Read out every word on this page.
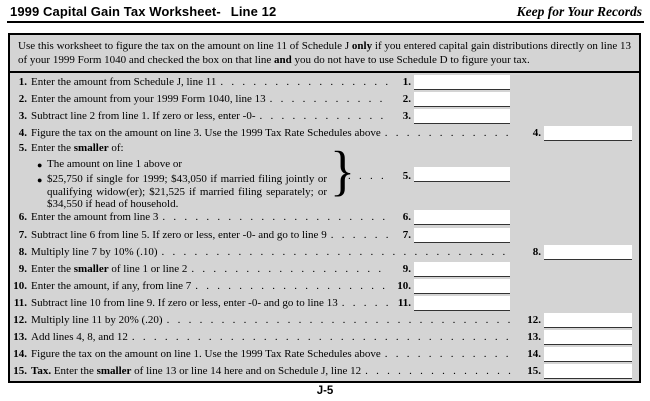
1999 Capital Gain Tax Worksheet- Line 12	Keep for Your Records

Use this worksheet to figure the tax on the amount on line 11 of Schedule J only if you entered capital gain distributions directly on line 13 of your 1999 Form 1040 and checked the box on that line and you do not have to use Schedule D to figure your tax.

1. Enter the amount from Schedule J, line 11 . . .	1.
2. Enter the amount from your 1999 Form 1040, line 13 . . .	2.
3. Subtract line 2 from line 1. If zero or less, enter -0- . . .	3.
4. Figure the tax on the amount on line 3. Use the 1999 Tax Rate Schedules above . . .	4.
5. Enter the smaller of:
● The amount on line 1 above or
● $25,750 if single for 1999; $43,050 if married filing jointly or qualifying widow(er); $21,525 if married filing separately; or $34,550 if head of household.
}
. . . .	5.
6. Enter the amount from line 3 . . .	6.
7. Subtract line 6 from line 5. If zero or less, enter -0- and go to line 9 . . .	7.
8. Multiply line 7 by 10% (.10) . . .	8.
9. Enter the smaller of line 1 or line 2 . . .	9.
10. Enter the amount, if any, from line 7 . . .	10.
11. Subtract line 10 from line 9. If zero or less, enter -0- and go to line 13 . . .	11.
12. Multiply line 11 by 20% (.20) . . .	12.
13. Add lines 4, 8, and 12 . . .	13.
14. Figure the tax on the amount on line 1. Use the 1999 Tax Rate Schedules above . . .	14.
15. Tax. Enter the smaller of line 13 or line 14 here and on Schedule J, line 12 . . .	15.
J-5
